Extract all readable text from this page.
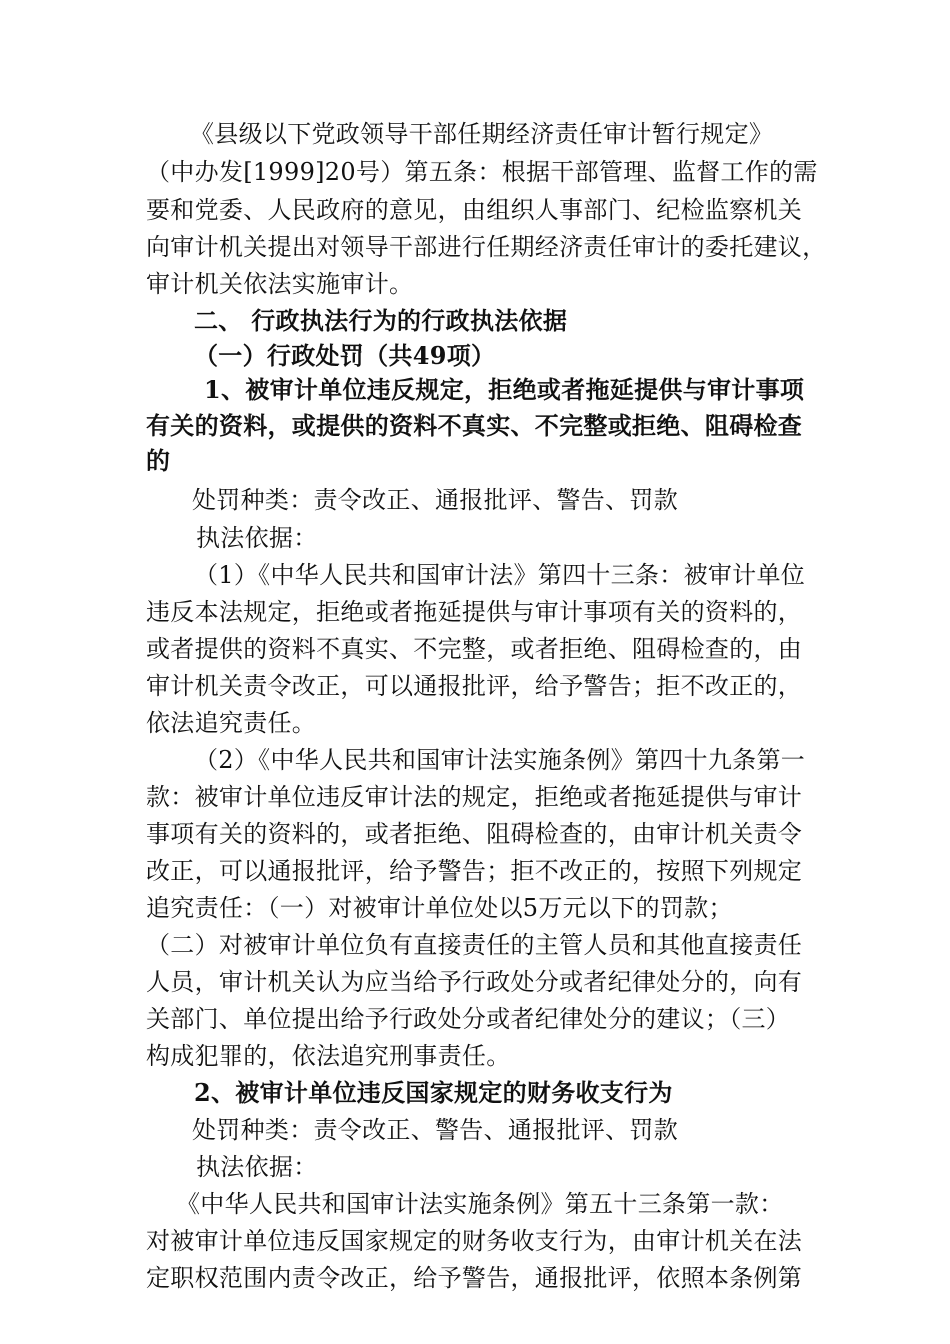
《县级以下党政领导干部任期经济责任审计暂行规定》
（中办发[1999]20号）第五条：根据干部管理、监督工作的需
要和党委、人民政府的意见，由组织人事部门、纪检监察机关
向审计机关提出对领导干部进行任期经济责任审计的委托建议，
审计机关依法实施审计。
二、 行政执法行为的行政执法依据
（一）行政处罚（共49项）
1、被审计单位违反规定，拒绝或者拖延提供与审计事项
有关的资料，或提供的资料不真实、不完整或拒绝、阻碍检查
的
处罚种类：责令改正、通报批评、警告、罚款
执法依据：
（1）《中华人民共和国审计法》第四十三条：被审计单位
违反本法规定，拒绝或者拖延提供与审计事项有关的资料的，
或者提供的资料不真实、不完整，或者拒绝、阻碍检查的，由
审计机关责令改正，可以通报批评，给予警告；拒不改正的，
依法追究责任。
（2）《中华人民共和国审计法实施条例》第四十九条第一
款：被审计单位违反审计法的规定，拒绝或者拖延提供与审计
事项有关的资料的，或者拒绝、阻碍检查的，由审计机关责令
改正，可以通报批评，给予警告；拒不改正的，按照下列规定
追究责任：（一）对被审计单位处以5万元以下的罚款；
（二）对被审计单位负有直接责任的主管人员和其他直接责任
人员，审计机关认为应当给予行政处分或者纪律处分的，向有
关部门、单位提出给予行政处分或者纪律处分的建议；（三）
构成犯罪的，依法追究刑事责任。
2、被审计单位违反国家规定的财务收支行为
处罚种类：责令改正、警告、通报批评、罚款
执法依据：
《中华人民共和国审计法实施条例》第五十三条第一款：
对被审计单位违反国家规定的财务收支行为，由审计机关在法
定职权范围内责令改正，给予警告，通报批评，依照本条例第
